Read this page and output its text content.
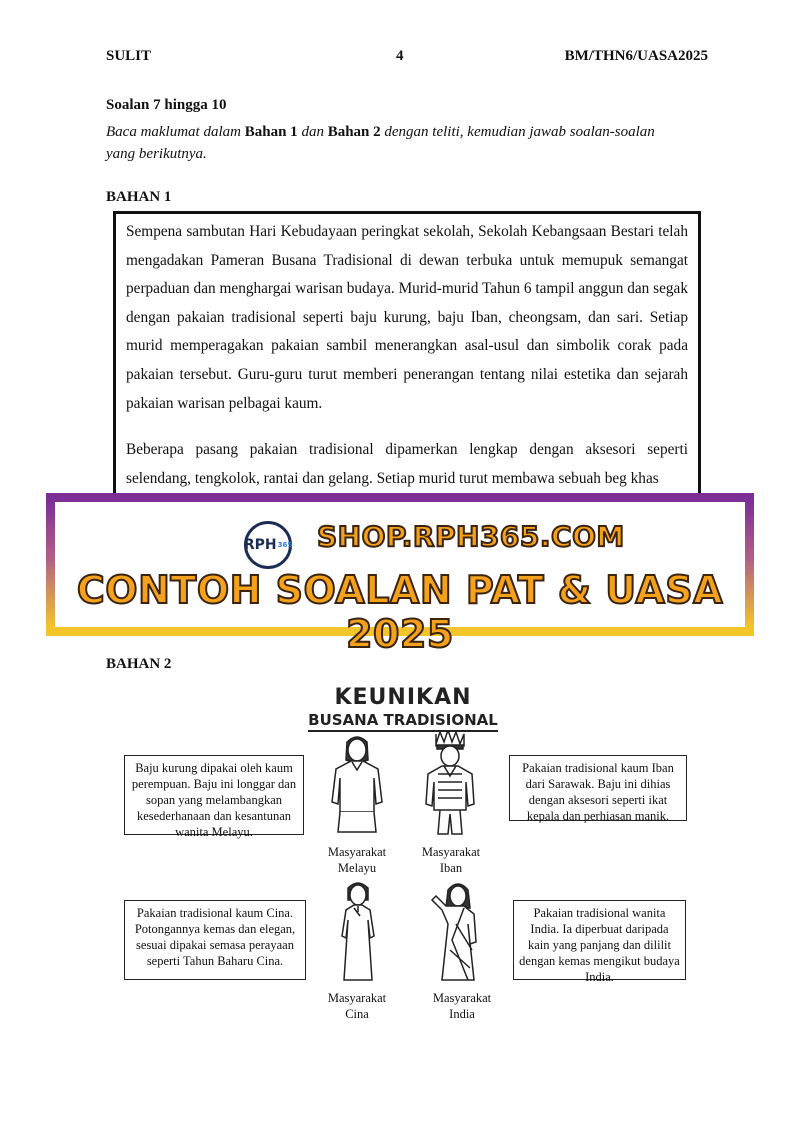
SULIT	4	BM/THN6/UASA2025
Soalan 7 hingga 10
Baca maklumat dalam Bahan 1 dan Bahan 2 dengan teliti, kemudian jawab soalan-soalan yang berikutnya.
BAHAN 1

Sempena sambutan Hari Kebudayaan peringkat sekolah, Sekolah Kebangsaan Bestari telah mengadakan Pameran Busana Tradisional di dewan terbuka untuk memupuk semangat perpaduan dan menghargai warisan budaya. Murid-murid Tahun 6 tampil anggun dan segak dengan pakaian tradisional seperti baju kurung, baju Iban, cheongsam, dan sari. Setiap murid memperagakan pakaian sambil menerangkan asal-usul dan simbolik corak pada pakaian tersebut. Guru-guru turut memberi penerangan tentang nilai estetika dan sejarah pakaian warisan pelbagai kaum.

Beberapa pasang pakaian tradisional dipamerkan lengkap dengan aksesori seperti selendang, tengkolok, rantai dan gelang. Setiap murid turut membawa sebuah beg khas

RPH 365 SHOP.RPH365.COM
CONTOH SOALAN PAT & UASA 2025
BAHAN 2
KEUNIKAN
BUSANA TRADISIONAL
Baju kurung dipakai oleh kaum perempuan. Baju ini longgar dan sopan yang melambangkan kesederhanaan dan kesantunan wanita Melayu.
Pakaian tradisional kaum Iban dari Sarawak. Baju ini dihias dengan aksesori seperti ikat kepala dan perhiasan manik.
Pakaian tradisional kaum Cina. Potongannya kemas dan elegan, sesuai dipakai semasa perayaan seperti Tahun Baharu Cina.
Pakaian tradisional wanita India. Ia diperbuat daripada kain yang panjang dan dililit dengan kemas mengikut budaya India.
Masyarakat
Melayu
Masyarakat
Iban
Masyarakat
Cina
Masyarakat
India
